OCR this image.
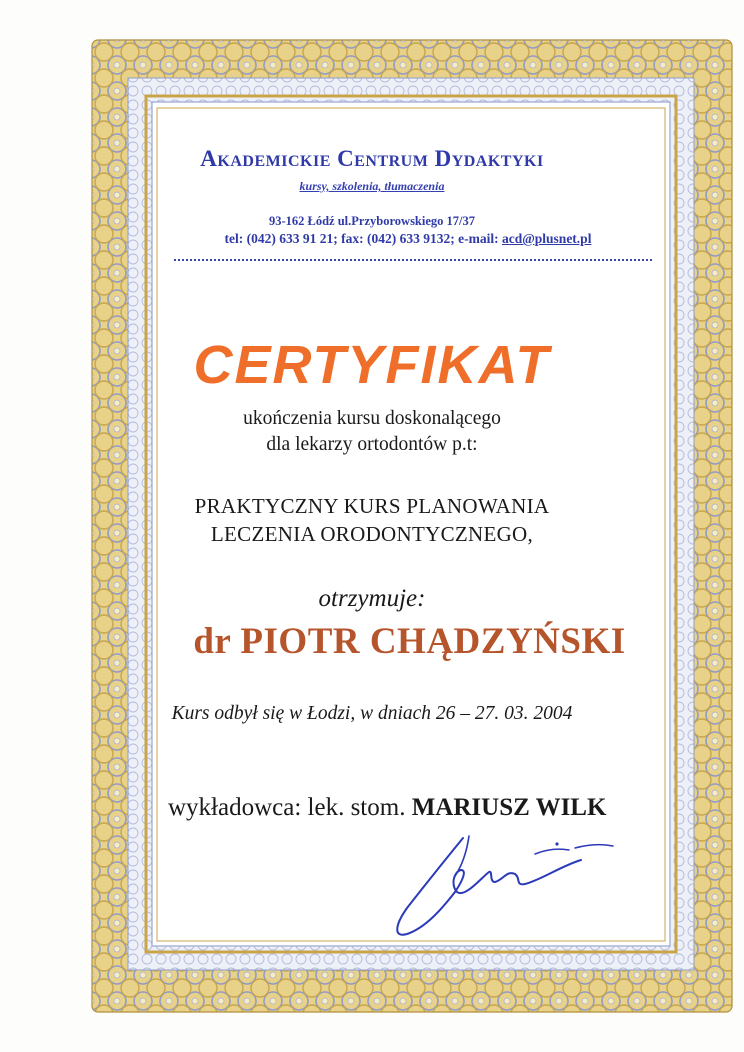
Akademickie Centrum Dydaktyki
kursy, szkolenia, tłumaczenia
93-162 Łódź ul.Przyborowskiego 17/37
tel: (042) 633 91 21; fax: (042) 633 9132; e-mail: acd@plusnet.pl
CERTYFIKAT
ukończenia kursu doskonalącego
dla lekarzy ortodontów p.t:
PRAKTYCZNY KURS PLANOWANIA
LECZENIA ORODONTYCZNEGO,
otrzymuje:
dr PIOTR CHĄDZYŃSKI
Kurs odbył się w Łodzi, w dniach 26 – 27. 03. 2004
wykładowca: lek. stom. MARIUSZ WILK
